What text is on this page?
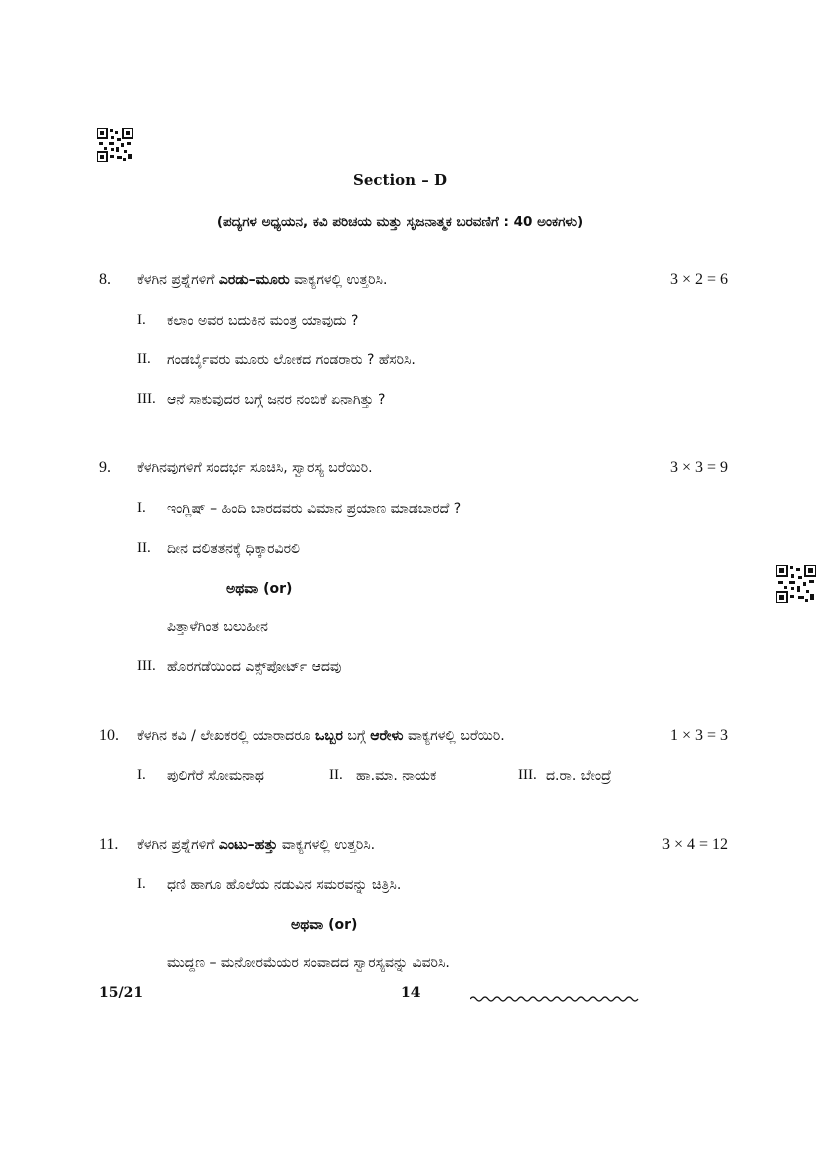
Section – D
(ಪದ್ಯಗಳ ಅಧ್ಯಯನ, ಕವಿ ಪರಿಚಯ ಮತ್ತು ಸೃಜನಾತ್ಮಕ ಬರವಣಿಗೆ : 40 ಅಂಕಗಳು)
8. ಕೆಳಗಿನ ಪ್ರಶ್ನೆಗಳಿಗೆ ಎರಡು–ಮೂರು ವಾಕ್ಯಗಳಲ್ಲಿ ಉತ್ತರಿಸಿ.	3 × 2 = 6
I. ಕಲಾಂ ಅವರ ಬದುಕಿನ ಮಂತ್ರ ಯಾವುದು ?
II. ಗಂಡರ್ಬೈವರು ಮೂರು ಲೋಕದ ಗಂಡರಾರು ? ಹೆಸರಿಸಿ.
III. ಆನೆ ಸಾಕುವುದರ ಬಗ್ಗೆ ಜನರ ನಂಬಿಕೆ ಏನಾಗಿತ್ತು ?
9. ಕೆಳಗಿನವುಗಳಿಗೆ ಸಂದರ್ಭ ಸೂಚಿಸಿ, ಸ್ವಾರಸ್ಯ ಬರೆಯಿರಿ.	3 × 3 = 9
I. ಇಂಗ್ಲಿಷ್ – ಹಿಂದಿ ಬಾರದವರು ವಿಮಾನ ಪ್ರಯಾಣ ಮಾಡಬಾರದೆ ?
II. ದೀನ ದಲಿತತನಕ್ಕೆ ಧಿಕ್ಕಾರವಿರಲಿ
ಅಥವಾ (or)
ಪಿತ್ತಾಳೆಗಿಂತ ಬಲುಹೀನ
III. ಹೊರಗಡೆಯಿಂದ ಎಕ್ಸ್‌ಪೋರ್ಟ್ ಆದವು
10. ಕೆಳಗಿನ ಕವಿ / ಲೇಖಕರಲ್ಲಿ ಯಾರಾದರೂ ಒಬ್ಬರ ಬಗ್ಗೆ ಆರೇಳು ವಾಕ್ಯಗಳಲ್ಲಿ ಬರೆಯಿರಿ.	1 × 3 = 3
I. ಪುಲಿಗೆರೆ ಸೋಮನಾಥ	II. ಹಾ.ಮಾ. ನಾಯಕ	III. ದ.ರಾ. ಬೇಂದ್ರೆ
11. ಕೆಳಗಿನ ಪ್ರಶ್ನೆಗಳಿಗೆ ಎಂಟು–ಹತ್ತು ವಾಕ್ಯಗಳಲ್ಲಿ ಉತ್ತರಿಸಿ.	3 × 4 = 12
I. ಧಣಿ ಹಾಗೂ ಹೊಲೆಯ ನಡುವಿನ ಸಮರವನ್ನು ಚಿತ್ರಿಸಿ.
ಅಥವಾ (or)
ಮುದ್ದಣ – ಮನೋರಮೆಯರ ಸಂವಾದದ ಸ್ವಾರಸ್ಯವನ್ನು ವಿವರಿಸಿ.
15/21	14
